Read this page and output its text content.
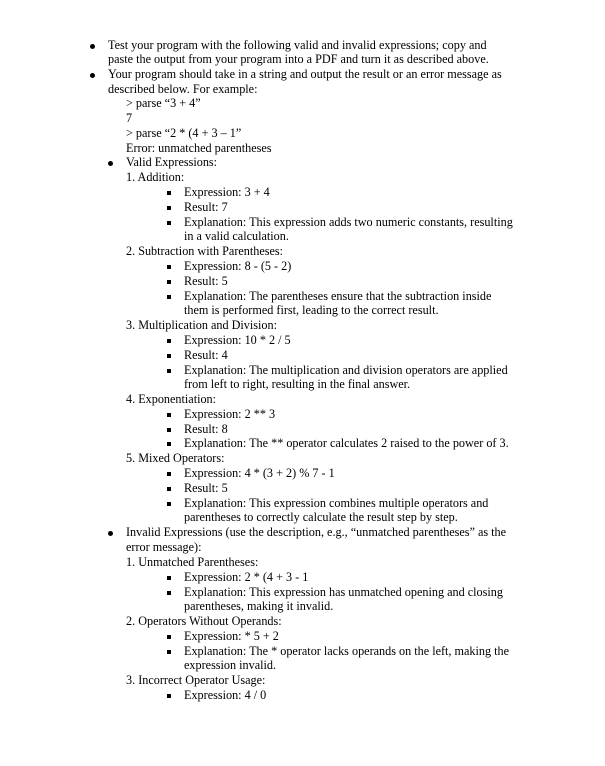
Test your program with the following valid and invalid expressions; copy and
paste the output from your program into a PDF and turn it as described above.
Your program should take in a string and output the result or an error message as
described below. For example:
> parse “3 + 4”
7
> parse “2 * (4 + 3 – 1”
Error: unmatched parentheses
Valid Expressions:
1. Addition:
Expression: 3 + 4
Result: 7
Explanation: This expression adds two numeric constants, resulting
in a valid calculation.
2. Subtraction with Parentheses:
Expression: 8 - (5 - 2)
Result: 5
Explanation: The parentheses ensure that the subtraction inside
them is performed first, leading to the correct result.
3. Multiplication and Division:
Expression: 10 * 2 / 5
Result: 4
Explanation: The multiplication and division operators are applied
from left to right, resulting in the final answer.
4. Exponentiation:
Expression: 2 ** 3
Result: 8
Explanation: The ** operator calculates 2 raised to the power of 3.
5. Mixed Operators:
Expression: 4 * (3 + 2) % 7 - 1
Result: 5
Explanation: This expression combines multiple operators and
parentheses to correctly calculate the result step by step.
Invalid Expressions (use the description, e.g., “unmatched parentheses” as the
error message):
1. Unmatched Parentheses:
Expression: 2 * (4 + 3 - 1
Explanation: This expression has unmatched opening and closing
parentheses, making it invalid.
2. Operators Without Operands:
Expression: * 5 + 2
Explanation: The * operator lacks operands on the left, making the
expression invalid.
3. Incorrect Operator Usage:
Expression: 4 / 0
